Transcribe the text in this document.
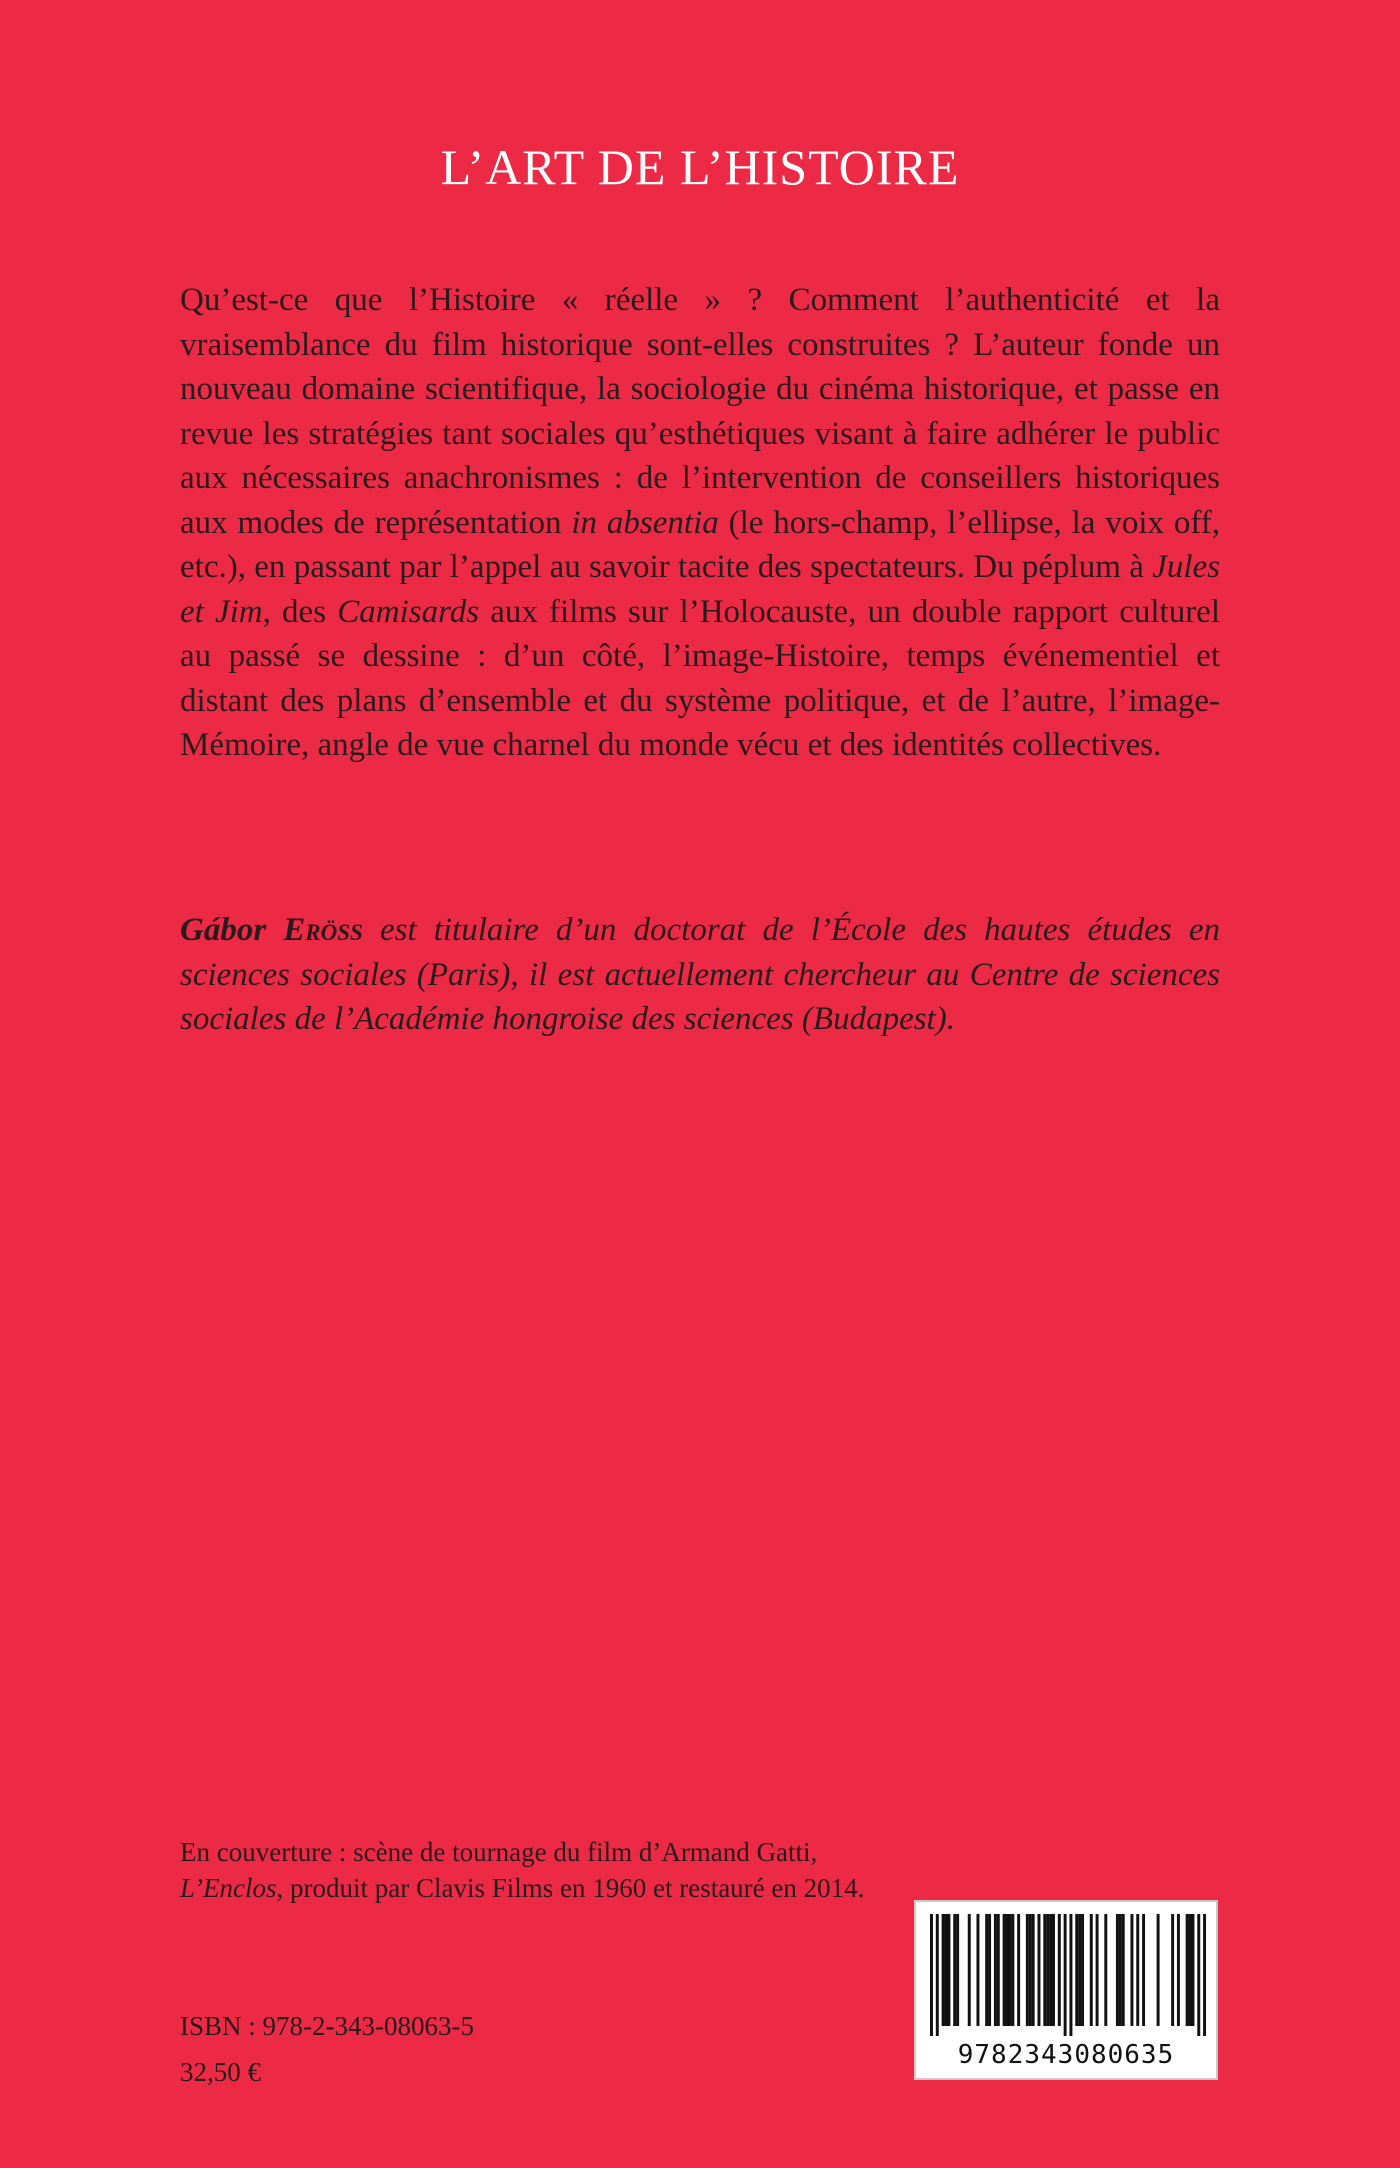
L’ART DE L’HISTOIRE

Qu’est-ce que l’Histoire « réelle » ? Comment l’authenticité et la vraisemblance du film historique sont-elles construites ? L’auteur fonde un nouveau domaine scientifique, la sociologie du cinéma historique, et passe en revue les stratégies tant sociales qu’esthétiques visant à faire adhérer le public aux nécessaires anachronismes : de l’intervention de conseillers historiques aux modes de représentation in absentia (le hors-champ, l’ellipse, la voix off, etc.), en passant par l’appel au savoir tacite des spectateurs. Du péplum à Jules et Jim, des Camisards aux films sur l’Holocauste, un double rapport culturel au passé se dessine : d’un côté, l’image-Histoire, temps événementiel et distant des plans d’ensemble et du système politique, et de l’autre, l’image-Mémoire, angle de vue charnel du monde vécu et des identités collectives.

Gábor Eröss est titulaire d’un doctorat de l’École des hautes études en sciences sociales (Paris), il est actuellement chercheur au Centre de sciences sociales de l’Académie hongroise des sciences (Budapest).

En couverture : scène de tournage du film d’Armand Gatti, L’Enclos, produit par Clavis Films en 1960 et restauré en 2014.

ISBN : 978-2-343-08063-5

32,50 €

9782343080635
